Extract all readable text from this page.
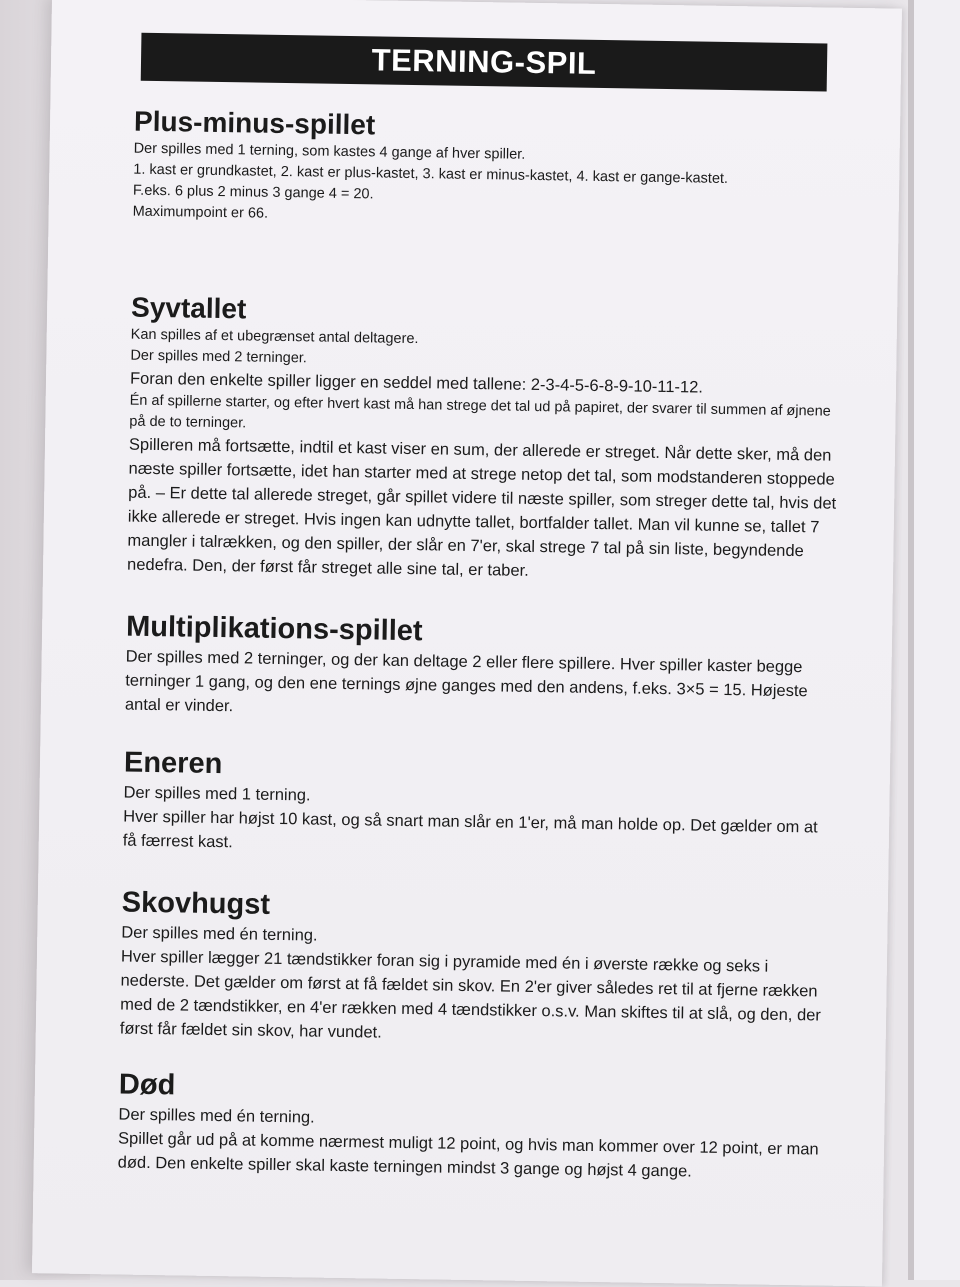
TERNING-SPIL
Plus-minus-spillet

Der spilles med 1 terning, som kastes 4 gange af hver spiller.

1. kast er grundkastet, 2. kast er plus-kastet, 3. kast er minus-kastet, 4. kast er gange-kastet.

F.eks. 6 plus 2 minus 3 gange 4 = 20.

Maximumpoint er 66.

Syvtallet

Kan spilles af et ubegrænset antal deltagere.

Der spilles med 2 terninger.

Foran den enkelte spiller ligger en seddel med tallene: 2-3-4-5-6-8-9-10-11-12.

Én af spillerne starter, og efter hvert kast må han strege det tal ud på papiret, der svarer til summen af øjnene på de to terninger.

Spilleren må fortsætte, indtil et kast viser en sum, der allerede er streget. Når dette sker, må den næste spiller fortsætte, idet han starter med at strege netop det tal, som modstanderen stoppede på. – Er dette tal allerede streget, går spillet videre til næste spiller, som streger dette tal, hvis det ikke allerede er streget. Hvis ingen kan udnytte tallet, bortfalder tallet. Man vil kunne se, tallet 7 mangler i talrækken, og den spiller, der slår en 7'er, skal strege 7 tal på sin liste, begyndende nedefra. Den, der først får streget alle sine tal, er taber.

Multiplikations-spillet

Der spilles med 2 terninger, og der kan deltage 2 eller flere spillere. Hver spiller kaster begge terninger 1 gang, og den ene ternings øjne ganges med den andens, f.eks. 3×5 = 15. Højeste antal er vinder.

Eneren

Der spilles med 1 terning.

Hver spiller har højst 10 kast, og så snart man slår en 1'er, må man holde op. Det gælder om at få færrest kast.

Skovhugst

Der spilles med én terning.

Hver spiller lægger 21 tændstikker foran sig i pyramide med én i øverste række og seks i nederste. Det gælder om først at få fældet sin skov. En 2'er giver således ret til at fjerne rækken med de 2 tændstikker, en 4'er rækken med 4 tændstikker o.s.v. Man skiftes til at slå, og den, der først får fældet sin skov, har vundet.

Død

Der spilles med én terning.

Spillet går ud på at komme nærmest muligt 12 point, og hvis man kommer over 12 point, er man død. Den enkelte spiller skal kaste terningen mindst 3 gange og højst 4 gange.
